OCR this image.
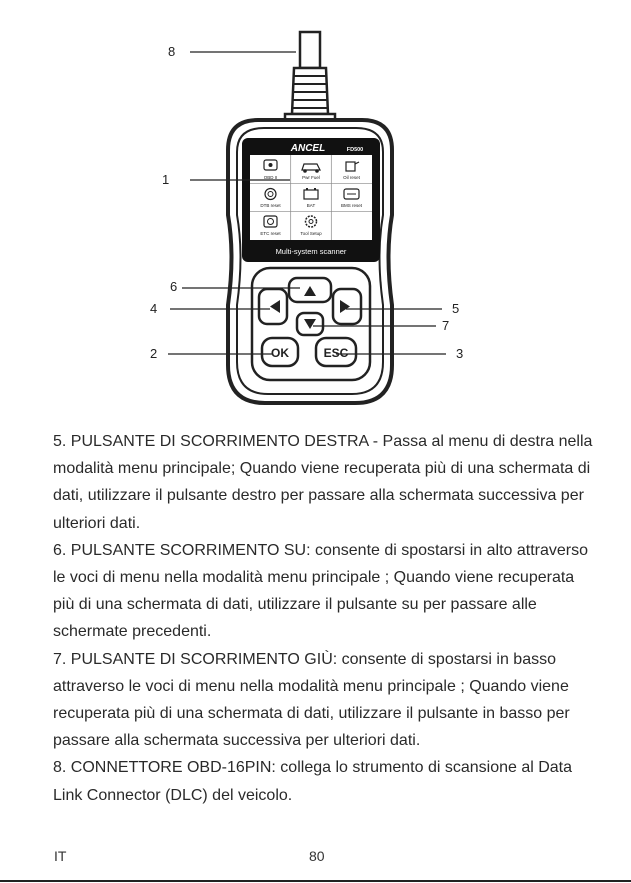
ANCEL	FD500
OBD II	Pwr Fuel	Oil reset
DTB reset	BAT	BMS reset
ETC reset	Tool Setup
Multi-system scanner
OK	ESC
8
1
6
4	5
7
2	3

5. PULSANTE DI SCORRIMENTO DESTRA - Passa al menu di destra nella modalità menu principale; Quando viene recuperata più di una schermata di dati, utilizzare il pulsante destro per passare alla schermata successiva per ulteriori dati.

6. PULSANTE SCORRIMENTO SU: consente di spostarsi in alto attraverso le voci di menu nella modalità menu principale ; Quando viene recuperata più di una schermata di dati, utilizzare il pulsante su per passare alle schermate precedenti.

7. PULSANTE DI SCORRIMENTO GIÙ: consente di spostarsi in basso attraverso le voci di menu nella modalità menu principale ; Quando viene recuperata più di una schermata di dati, utilizzare il pulsante in basso per passare alla schermata successiva per ulteriori dati.

8. CONNETTORE OBD-16PIN: collega lo strumento di scansione al Data Link Connector (DLC) del veicolo.

IT	80
